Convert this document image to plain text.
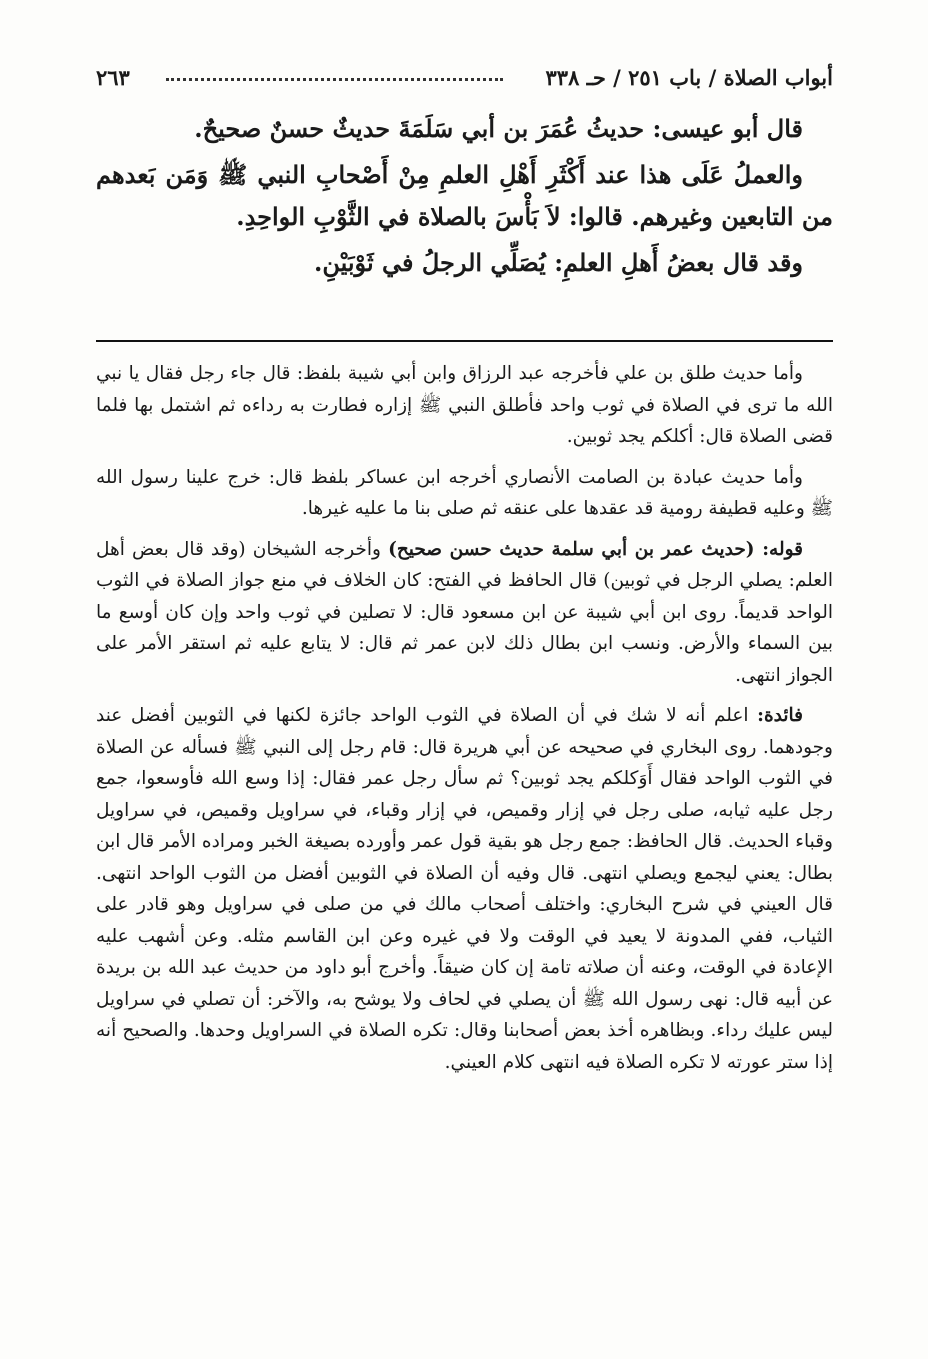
أبواب الصلاة / باب ٢٥١ / حـ ٣٣٨
٢٦٣

قال أبو عيسى: حديثُ عُمَرَ بن أبي سَلَمَةَ حديثٌ حسنٌ صحيحٌ.

والعملُ عَلَى هذا عند أَكْثَرِ أَهْلِ العلمِ مِنْ أَصْحابِ النبي ﷺ وَمَن بَعدهم من التابعين وغيرهم. قالوا: لاَ بَأْسَ بالصلاة في الثَّوْبِ الواحِدِ.

وقد قال بعضُ أَهلِ العلمِ: يُصَلِّي الرجلُ في ثَوْبَيْنِ.

وأما حديث طلق بن علي فأخرجه عبد الرزاق وابن أبي شيبة بلفظ: قال جاء رجل فقال يا نبي الله ما ترى في الصلاة في ثوب واحد فأطلق النبي ﷺ إزاره فطارت به رداءه ثم اشتمل بها فلما قضى الصلاة قال: أكلكم يجد ثوبين.

وأما حديث عبادة بن الصامت الأنصاري أخرجه ابن عساكر بلفظ قال: خرج علينا رسول الله ﷺ وعليه قطيفة رومية قد عقدها على عنقه ثم صلى بنا ما عليه غيرها.

قوله: (حديث عمر بن أبي سلمة حديث حسن صحيح) وأخرجه الشيخان (وقد قال بعض أهل العلم: يصلي الرجل في ثوبين) قال الحافظ في الفتح: كان الخلاف في منع جواز الصلاة في الثوب الواحد قديماً. روى ابن أبي شيبة عن ابن مسعود قال: لا تصلين في ثوب واحد وإن كان أوسع ما بين السماء والأرض. ونسب ابن بطال ذلك لابن عمر ثم قال: لا يتابع عليه ثم استقر الأمر على الجواز انتهى.

فائدة: اعلم أنه لا شك في أن الصلاة في الثوب الواحد جائزة لكنها في الثوبين أفضل عند وجودهما. روى البخاري في صحيحه عن أبي هريرة قال: قام رجل إلى النبي ﷺ فسأله عن الصلاة في الثوب الواحد فقال أَوَكلكم يجد ثوبين؟ ثم سأل رجل عمر فقال: إذا وسع الله فأوسعوا، جمع رجل عليه ثيابه، صلى رجل في إزار وقميص، في إزار وقباء، في سراويل وقميص، في سراويل وقباء الحديث. قال الحافظ: جمع رجل هو بقية قول عمر وأورده بصيغة الخبر ومراده الأمر قال ابن بطال: يعني ليجمع ويصلي انتهى. قال وفيه أن الصلاة في الثوبين أفضل من الثوب الواحد انتهى. قال العيني في شرح البخاري: واختلف أصحاب مالك في من صلى في سراويل وهو قادر على الثياب، ففي المدونة لا يعيد في الوقت ولا في غيره وعن ابن القاسم مثله. وعن أشهب عليه الإعادة في الوقت، وعنه أن صلاته تامة إن كان ضيقاً. وأخرج أبو داود من حديث عبد الله بن بريدة عن أبيه قال: نهى رسول الله ﷺ أن يصلي في لحاف ولا يوشح به، والآخر: أن تصلي في سراويل ليس عليك رداء. وبظاهره أخذ بعض أصحابنا وقال: تكره الصلاة في السراويل وحدها. والصحيح أنه إذا ستر عورته لا تكره الصلاة فيه انتهى كلام العيني.
